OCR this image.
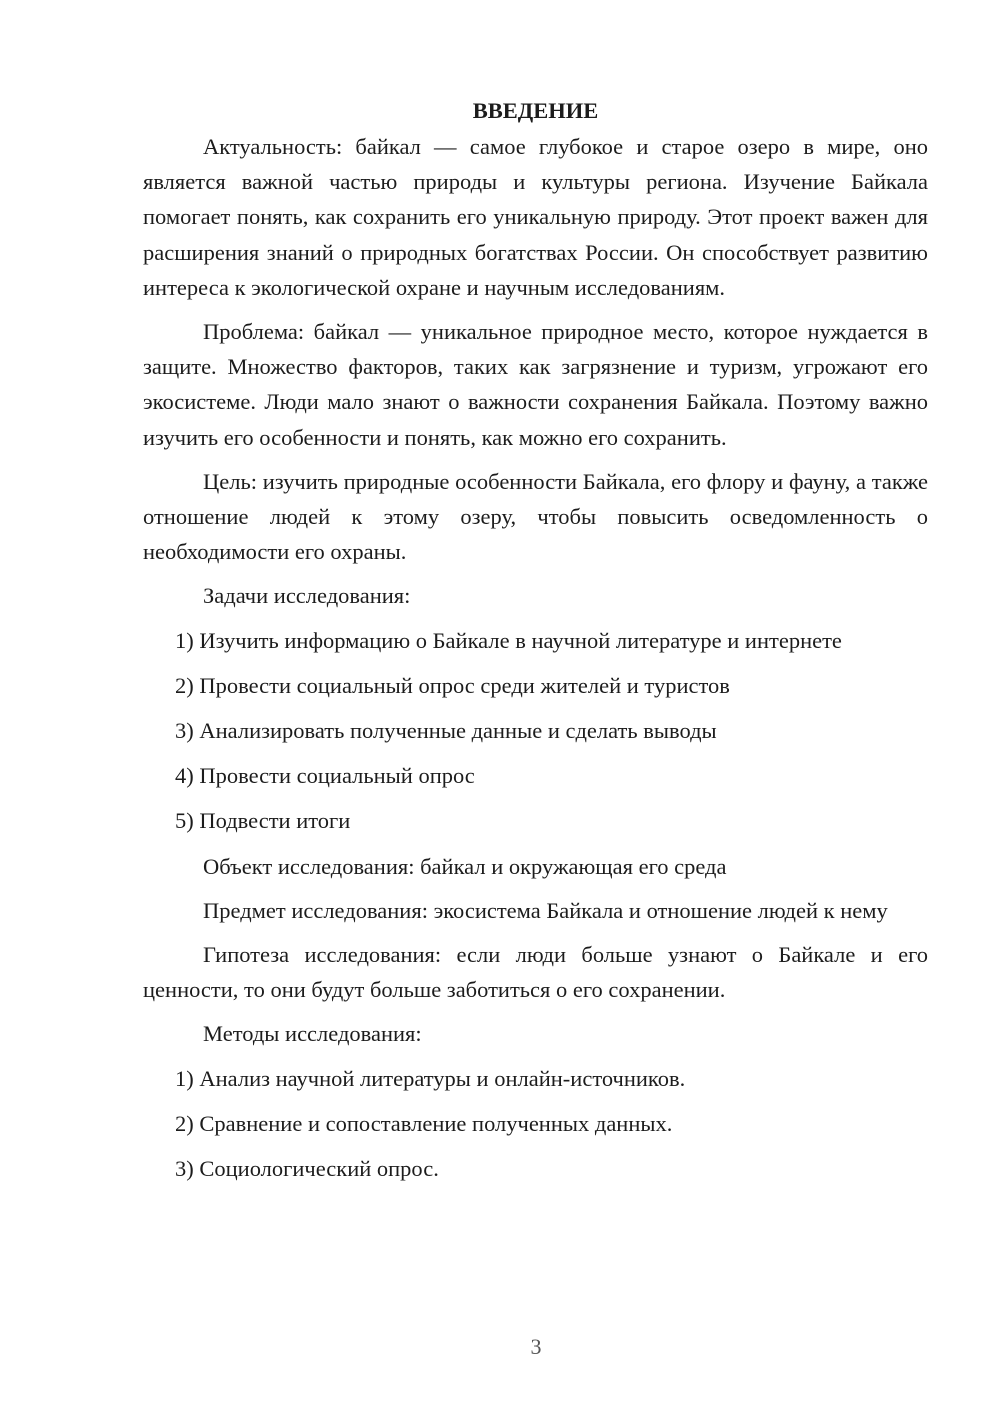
ВВЕДЕНИЕ

Актуальность: байкал — самое глубокое и старое озеро в мире, оно является важной частью природы и культуры региона. Изучение Байкала помогает понять, как сохранить его уникальную природу. Этот проект важен для расширения знаний о природных богатствах России. Он способствует развитию интереса к экологической охране и научным исследованиям.

Проблема: байкал — уникальное природное место, которое нуждается в защите. Множество факторов, таких как загрязнение и туризм, угрожают его экосистеме. Люди мало знают о важности сохранения Байкала. Поэтому важно изучить его особенности и понять, как можно его сохранить.

Цель: изучить природные особенности Байкала, его флору и фауну, а также отношение людей к этому озеру, чтобы повысить осведомленность о необходимости его охраны.

Задачи исследования:

1) Изучить информацию о Байкале в научной литературе и интернете

2) Провести социальный опрос среди жителей и туристов

3) Анализировать полученные данные и сделать выводы

4) Провести социальный опрос

5) Подвести итоги

Объект исследования: байкал и окружающая его среда

Предмет исследования: экосистема Байкала и отношение людей к нему

Гипотеза исследования: если люди больше узнают о Байкале и его ценности, то они будут больше заботиться о его сохранении.

Методы исследования:

1) Анализ научной литературы и онлайн-источников.

2) Сравнение и сопоставление полученных данных.

3) Социологический опрос.

3
